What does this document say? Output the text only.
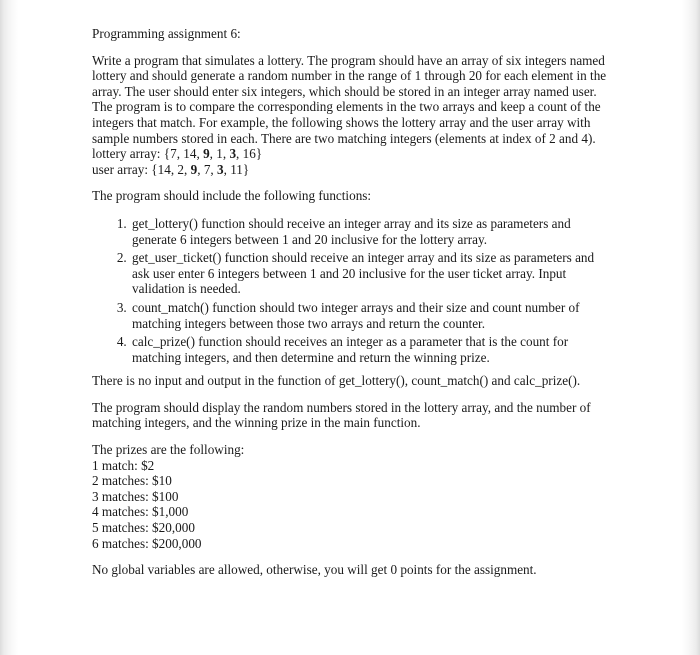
Programming assignment 6:

Write a program that simulates a lottery. The program should have an array of six integers named lottery and should generate a random number in the range of 1 through 20 for each element in the array. The user should enter six integers, which should be stored in an integer array named user. The program is to compare the corresponding elements in the two arrays and keep a count of the integers that match. For example, the following shows the lottery array and the user array with sample numbers stored in each. There are two matching integers (elements at index of 2 and 4).

lottery array: {7, 14, 9, 1, 3, 16}
user array: {14, 2, 9, 7, 3, 11}

The program should include the following functions:

1. get_lottery() function should receive an integer array and its size as parameters and generate 6 integers between 1 and 20 inclusive for the lottery array.
2. get_user_ticket() function should receive an integer array and its size as parameters and ask user enter 6 integers between 1 and 20 inclusive for the user ticket array. Input validation is needed.
3. count_match() function should two integer arrays and their size and count number of matching integers between those two arrays and return the counter.
4. calc_prize() function should receives an integer as a parameter that is the count for matching integers, and then determine and return the winning prize.

There is no input and output in the function of get_lottery(), count_match() and calc_prize().

The program should display the random numbers stored in the lottery array, and the number of matching integers, and the winning prize in the main function.

The prizes are the following:
1 match: $2
2 matches: $10
3 matches: $100
4 matches: $1,000
5 matches: $20,000
6 matches: $200,000

No global variables are allowed, otherwise, you will get 0 points for the assignment.
